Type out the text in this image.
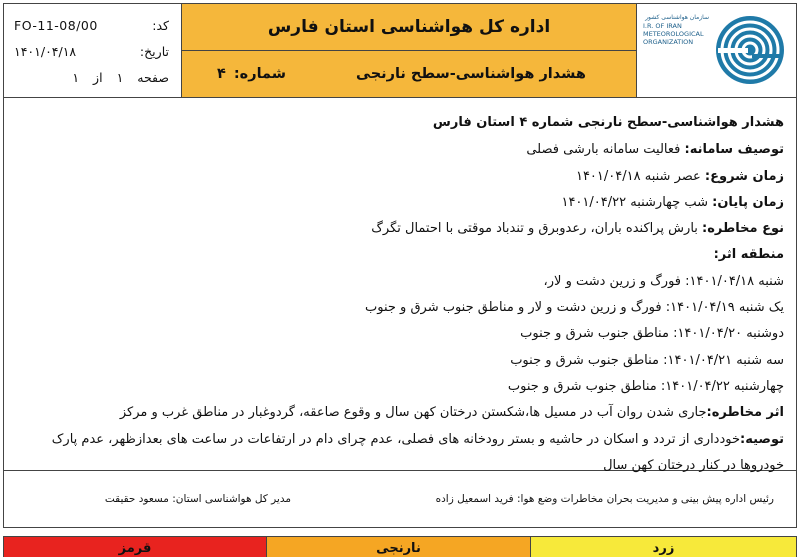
FO-11-08/00	کد:
۱۴۰۱/۰۴/۱۸	تاریخ:
صفحه
۱
از
۱
اداره کل هواشناسی استان فارس
هشدار هواشناسی-سطح نارنجی
شماره:
۴
سازمان هواشناسی کشور
I.R. OF IRAN
METEOROLOGICAL
ORGANIZATION
هشدار هواشناسی-سطح نارنجی شماره ۴ استان فارس
توصیف سامانه: فعالیت سامانه بارشی فصلی
زمان شروع: عصر شنبه ۱۴۰۱/۰۴/۱۸
زمان پایان: شب چهارشنبه ۱۴۰۱/۰۴/۲۲
نوع مخاطره: بارش پراکنده باران، رعدوبرق و تندباد موقتی با احتمال تگرگ
منطقه اثر:
شنبه ۱۴۰۱/۰۴/۱۸: فورگ و زرین دشت و لار،
یک شنبه ۱۴۰۱/۰۴/۱۹: فورگ و زرین دشت و لار و مناطق جنوب شرق و جنوب
دوشنبه ۱۴۰۱/۰۴/۲۰: مناطق جنوب شرق و جنوب
سه شنبه ۱۴۰۱/۰۴/۲۱: مناطق جنوب شرق و جنوب
چهارشنبه ۱۴۰۱/۰۴/۲۲: مناطق جنوب شرق و جنوب
اثر مخاطره:جاری شدن روان آب در مسیل ها،شکستن درختان کهن سال و وقوع صاعقه، گردوغبار در مناطق غرب و مرکز
توصیه:خودداری از تردد و اسکان در حاشیه و بستر رودخانه های فصلی، عدم چرای دام در ارتفاعات در ساعت های بعدازظهر، عدم پارک خودروها در کنار درختان کهن سال
رئیس اداره پیش بینی و مدیریت بحران مخاطرات وضع هوا: فرید اسمعیل زاده
مدیر کل هواشناسی استان: مسعود حقیقت
زرد
نارنجی
قرمز
